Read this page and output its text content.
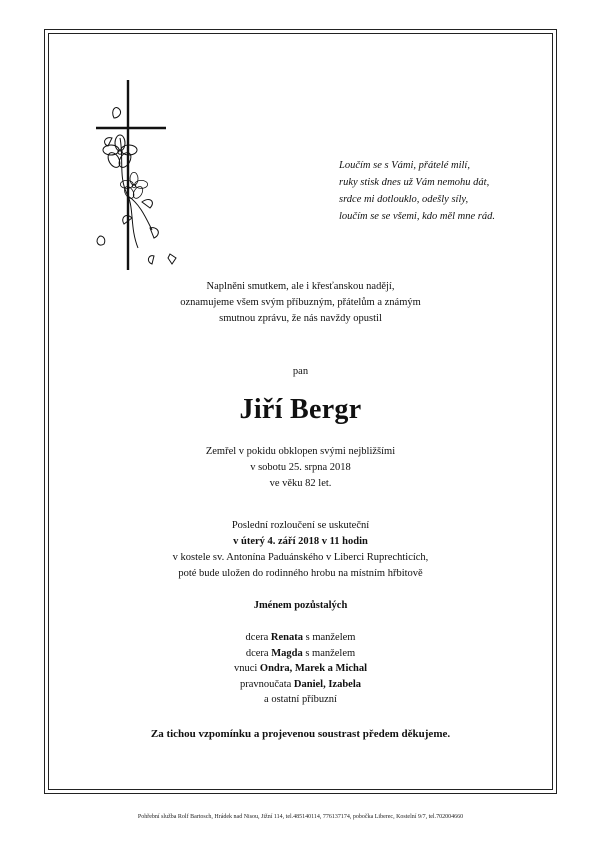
Loučím se s Vámi, přátelé milí,
ruky stisk dnes už Vám nemohu dát,
srdce mi dotlouklo, odešly síly,
loučím se se všemi, kdo měl mne rád.
Naplněni smutkem, ale i křesťanskou nadějí,
oznamujeme všem svým příbuzným, přátelům a známým
smutnou zprávu, že nás navždy opustil
pan
Jiří Bergr
Zemřel v pokidu obklopen svými nejbližšími
v sobotu 25. srpna 2018
ve věku 82 let.
Poslední rozloučení se uskuteční
v úterý 4. září 2018 v 11 hodin
v kostele sv. Antonína Paduánského v Liberci Ruprechticích,
poté bude uložen do rodinného hrobu na místním hřbitově
Jménem pozůstalých
dcera Renata s manželem
dcera Magda s manželem
vnuci Ondra, Marek a Michal
pravnoučata Daniel, Izabela
a ostatní příbuzní
Za tichou vzpomínku a projevenou soustrast předem děkujeme.
Pohřební služba Rolf Bartosch, Hrádek nad Nisou, Jižní 114, tel.485140114, 776137174, pobočka Liberec, Kostelní 9/7, tel.702004660
